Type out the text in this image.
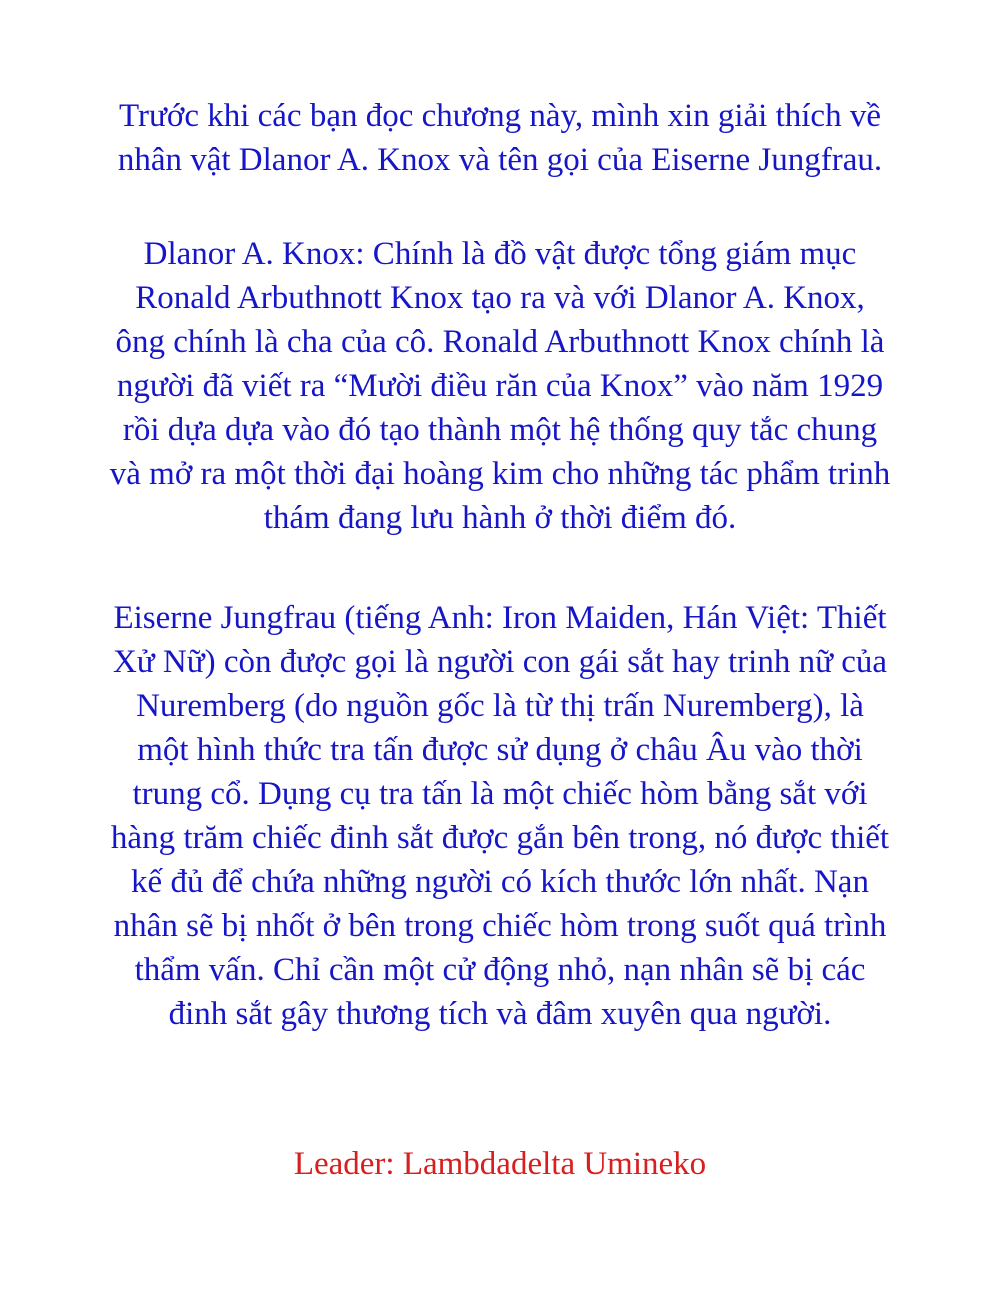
Trước khi các bạn đọc chương này, mình xin giải thích về
nhân vật Dlanor A. Knox và tên gọi của Eiserne Jungfrau.

Dlanor A. Knox: Chính là đồ vật được tổng giám mục
Ronald Arbuthnott Knox tạo ra và với Dlanor A. Knox,
ông chính là cha của cô. Ronald Arbuthnott Knox chính là
người đã viết ra “Mười điều răn của Knox” vào năm 1929
rồi dựa dựa vào đó tạo thành một hệ thống quy tắc chung
và mở ra một thời đại hoàng kim cho những tác phẩm trinh
thám đang lưu hành ở thời điểm đó.

Eiserne Jungfrau (tiếng Anh: Iron Maiden, Hán Việt: Thiết
Xử Nữ) còn được gọi là người con gái sắt hay trinh nữ của
Nuremberg (do nguồn gốc là từ thị trấn Nuremberg), là
một hình thức tra tấn được sử dụng ở châu Âu vào thời
trung cổ. Dụng cụ tra tấn là một chiếc hòm bằng sắt với
hàng trăm chiếc đinh sắt được gắn bên trong, nó được thiết
kế đủ để chứa những người có kích thước lớn nhất. Nạn
nhân sẽ bị nhốt ở bên trong chiếc hòm trong suốt quá trình
thẩm vấn. Chỉ cần một cử động nhỏ, nạn nhân sẽ bị các
đinh sắt gây thương tích và đâm xuyên qua người.

Leader: Lambdadelta Umineko
